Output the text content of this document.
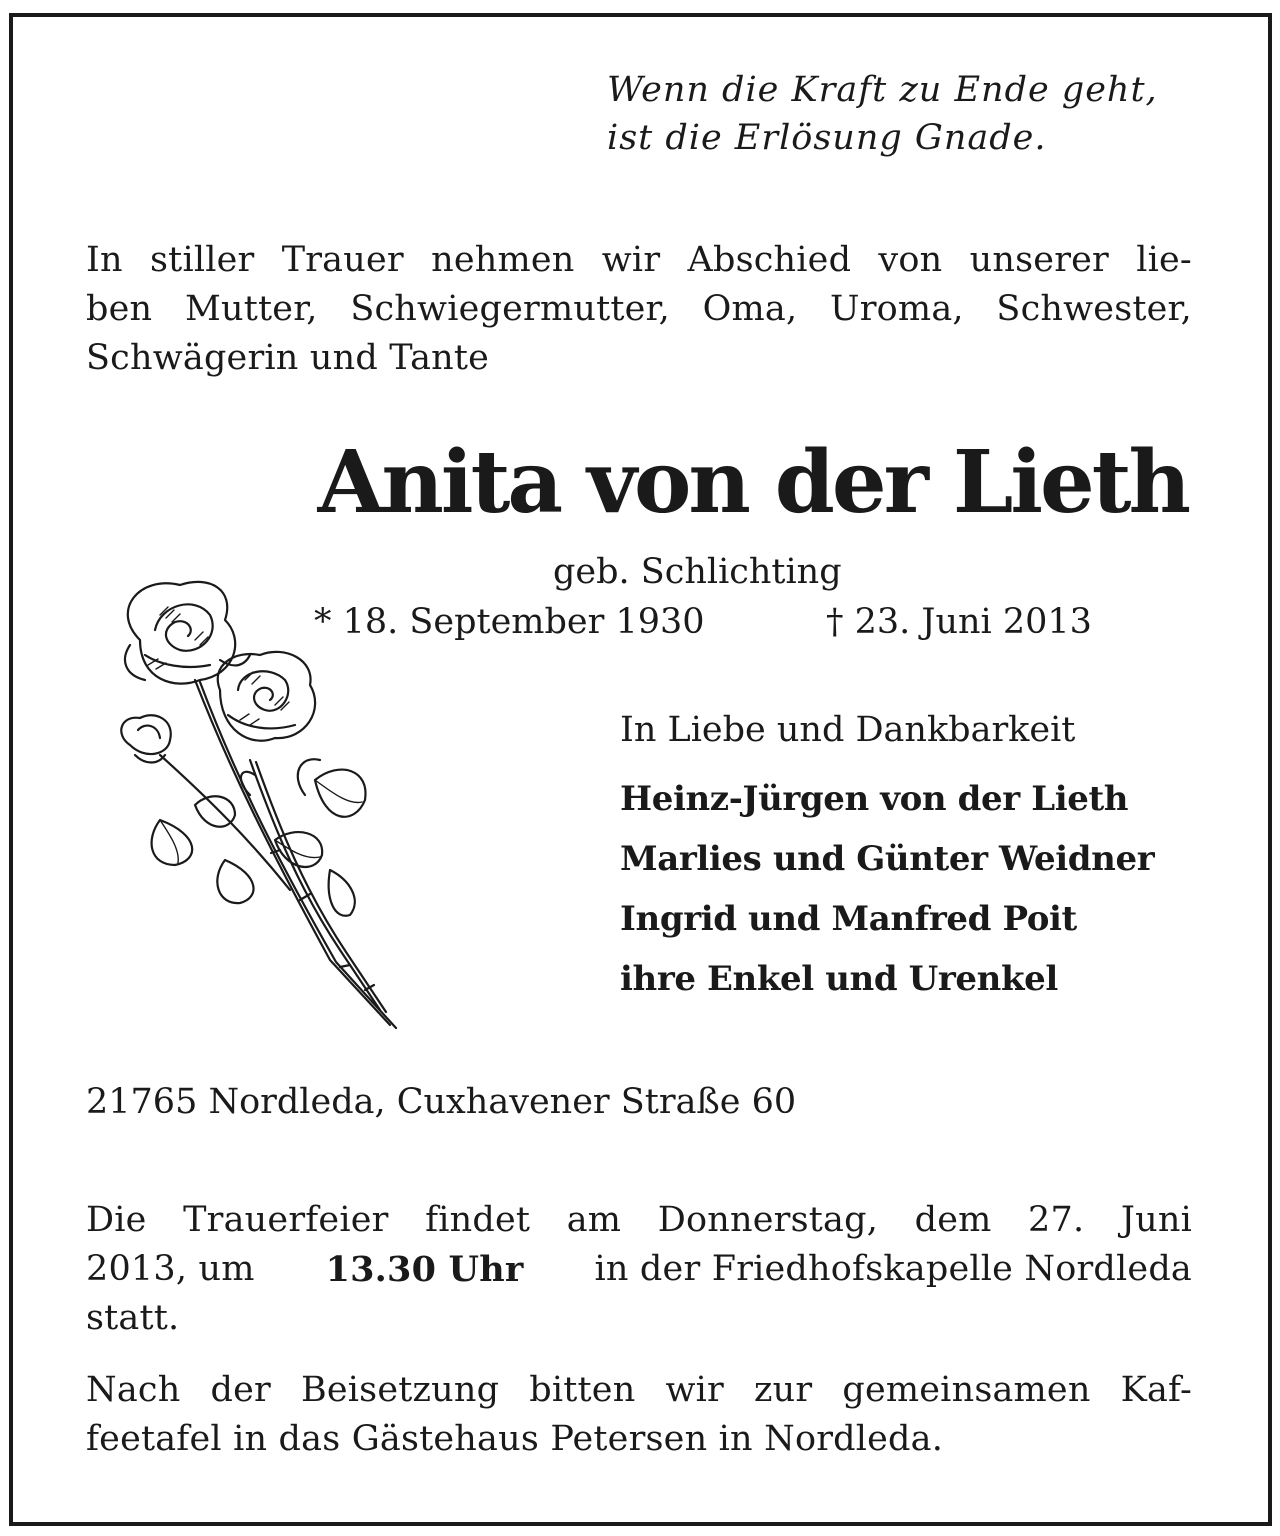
Wenn die Kraft zu Ende geht,
ist die Erlösung Gnade.
In stiller Trauer nehmen wir Abschied von unserer lie-
ben Mutter, Schwiegermutter, Oma, Uroma, Schwester,
Schwägerin und Tante
Anita von der Lieth
geb. Schlichting
* 18. September 1930	† 23. Juni 2013
In Liebe und Dankbarkeit
Heinz-Jürgen von der Lieth
Marlies und Günter Weidner
Ingrid und Manfred Poit
ihre Enkel und Urenkel
21765 Nordleda, Cuxhavener Straße 60
Die Trauerfeier findet am Donnerstag, dem 27. Juni
2013, um 13.30 Uhr in der Friedhofskapelle Nordleda
statt.
Nach der Beisetzung bitten wir zur gemeinsamen Kaf-
feetafel in das Gästehaus Petersen in Nordleda.
